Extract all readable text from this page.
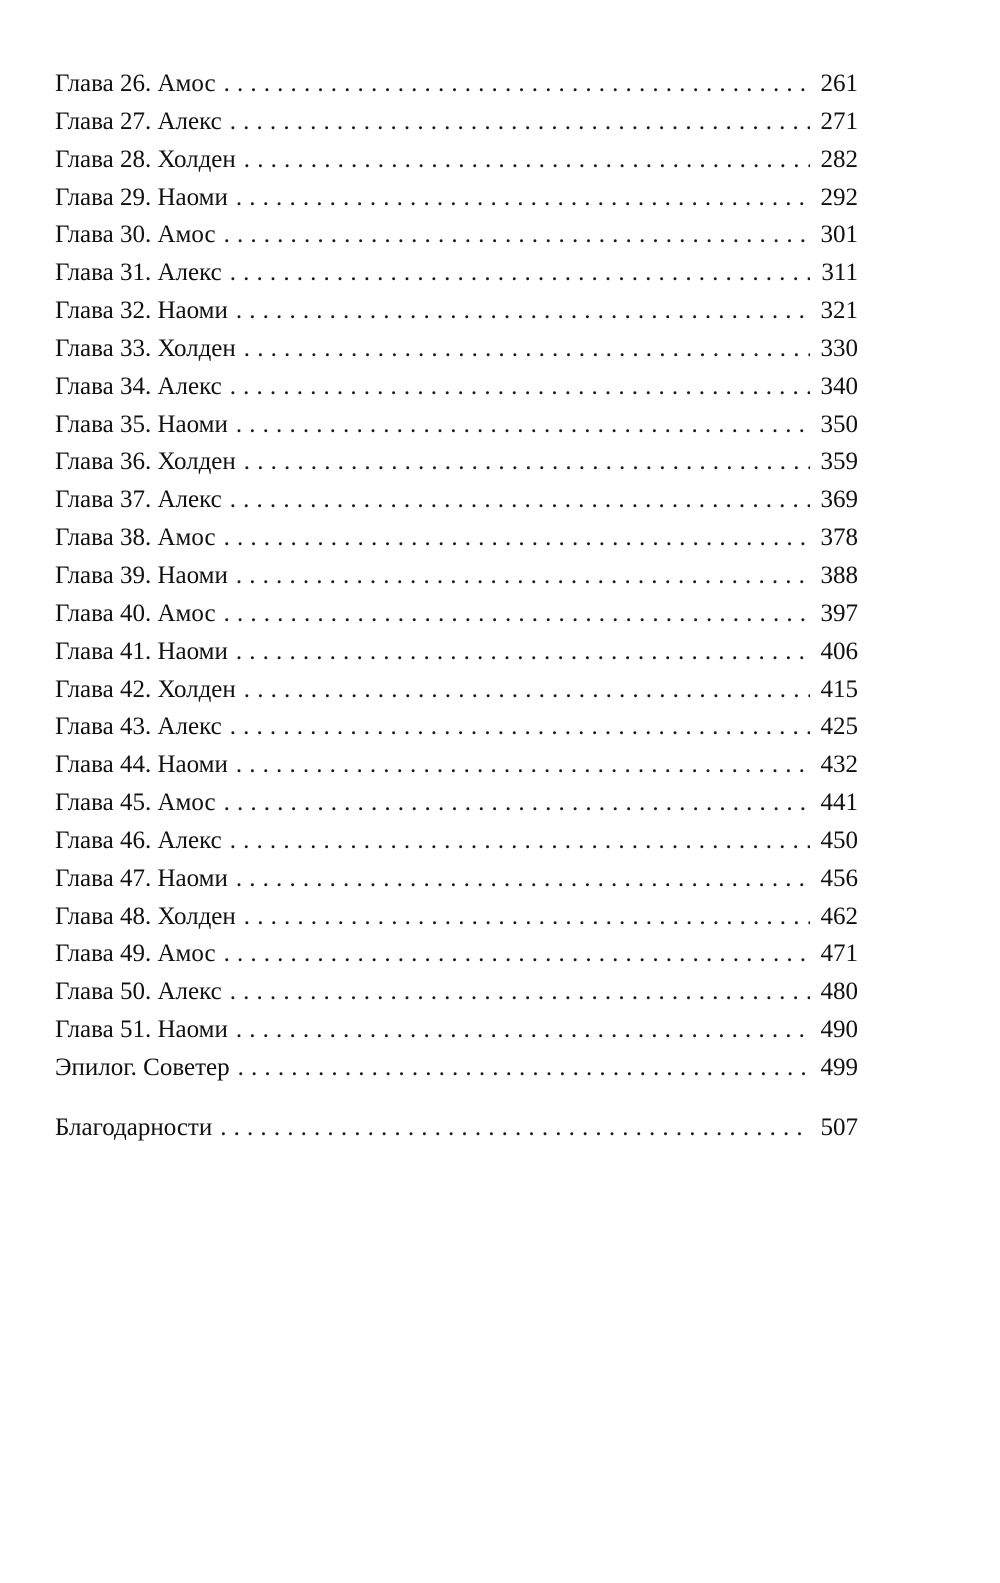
Глава 26. Амос . . .	261
Глава 27. Алекс . . .	271
Глава 28. Холден . . .	282
Глава 29. Наоми . . .	292
Глава 30. Амос . . .	301
Глава 31. Алекс . . .	311
Глава 32. Наоми . . .	321
Глава 33. Холден . . .	330
Глава 34. Алекс . . .	340
Глава 35. Наоми . . .	350
Глава 36. Холден . . .	359
Глава 37. Алекс . . .	369
Глава 38. Амос . . .	378
Глава 39. Наоми . . .	388
Глава 40. Амос . . .	397
Глава 41. Наоми . . .	406
Глава 42. Холден . . .	415
Глава 43. Алекс . . .	425
Глава 44. Наоми . . .	432
Глава 45. Амос . . .	441
Глава 46. Алекс . . .	450
Глава 47. Наоми . . .	456
Глава 48. Холден . . .	462
Глава 49. Амос . . .	471
Глава 50. Алекс . . .	480
Глава 51. Наоми . . .	490
Эпилог. Советер . . .	499
Благодарности . . .	507
